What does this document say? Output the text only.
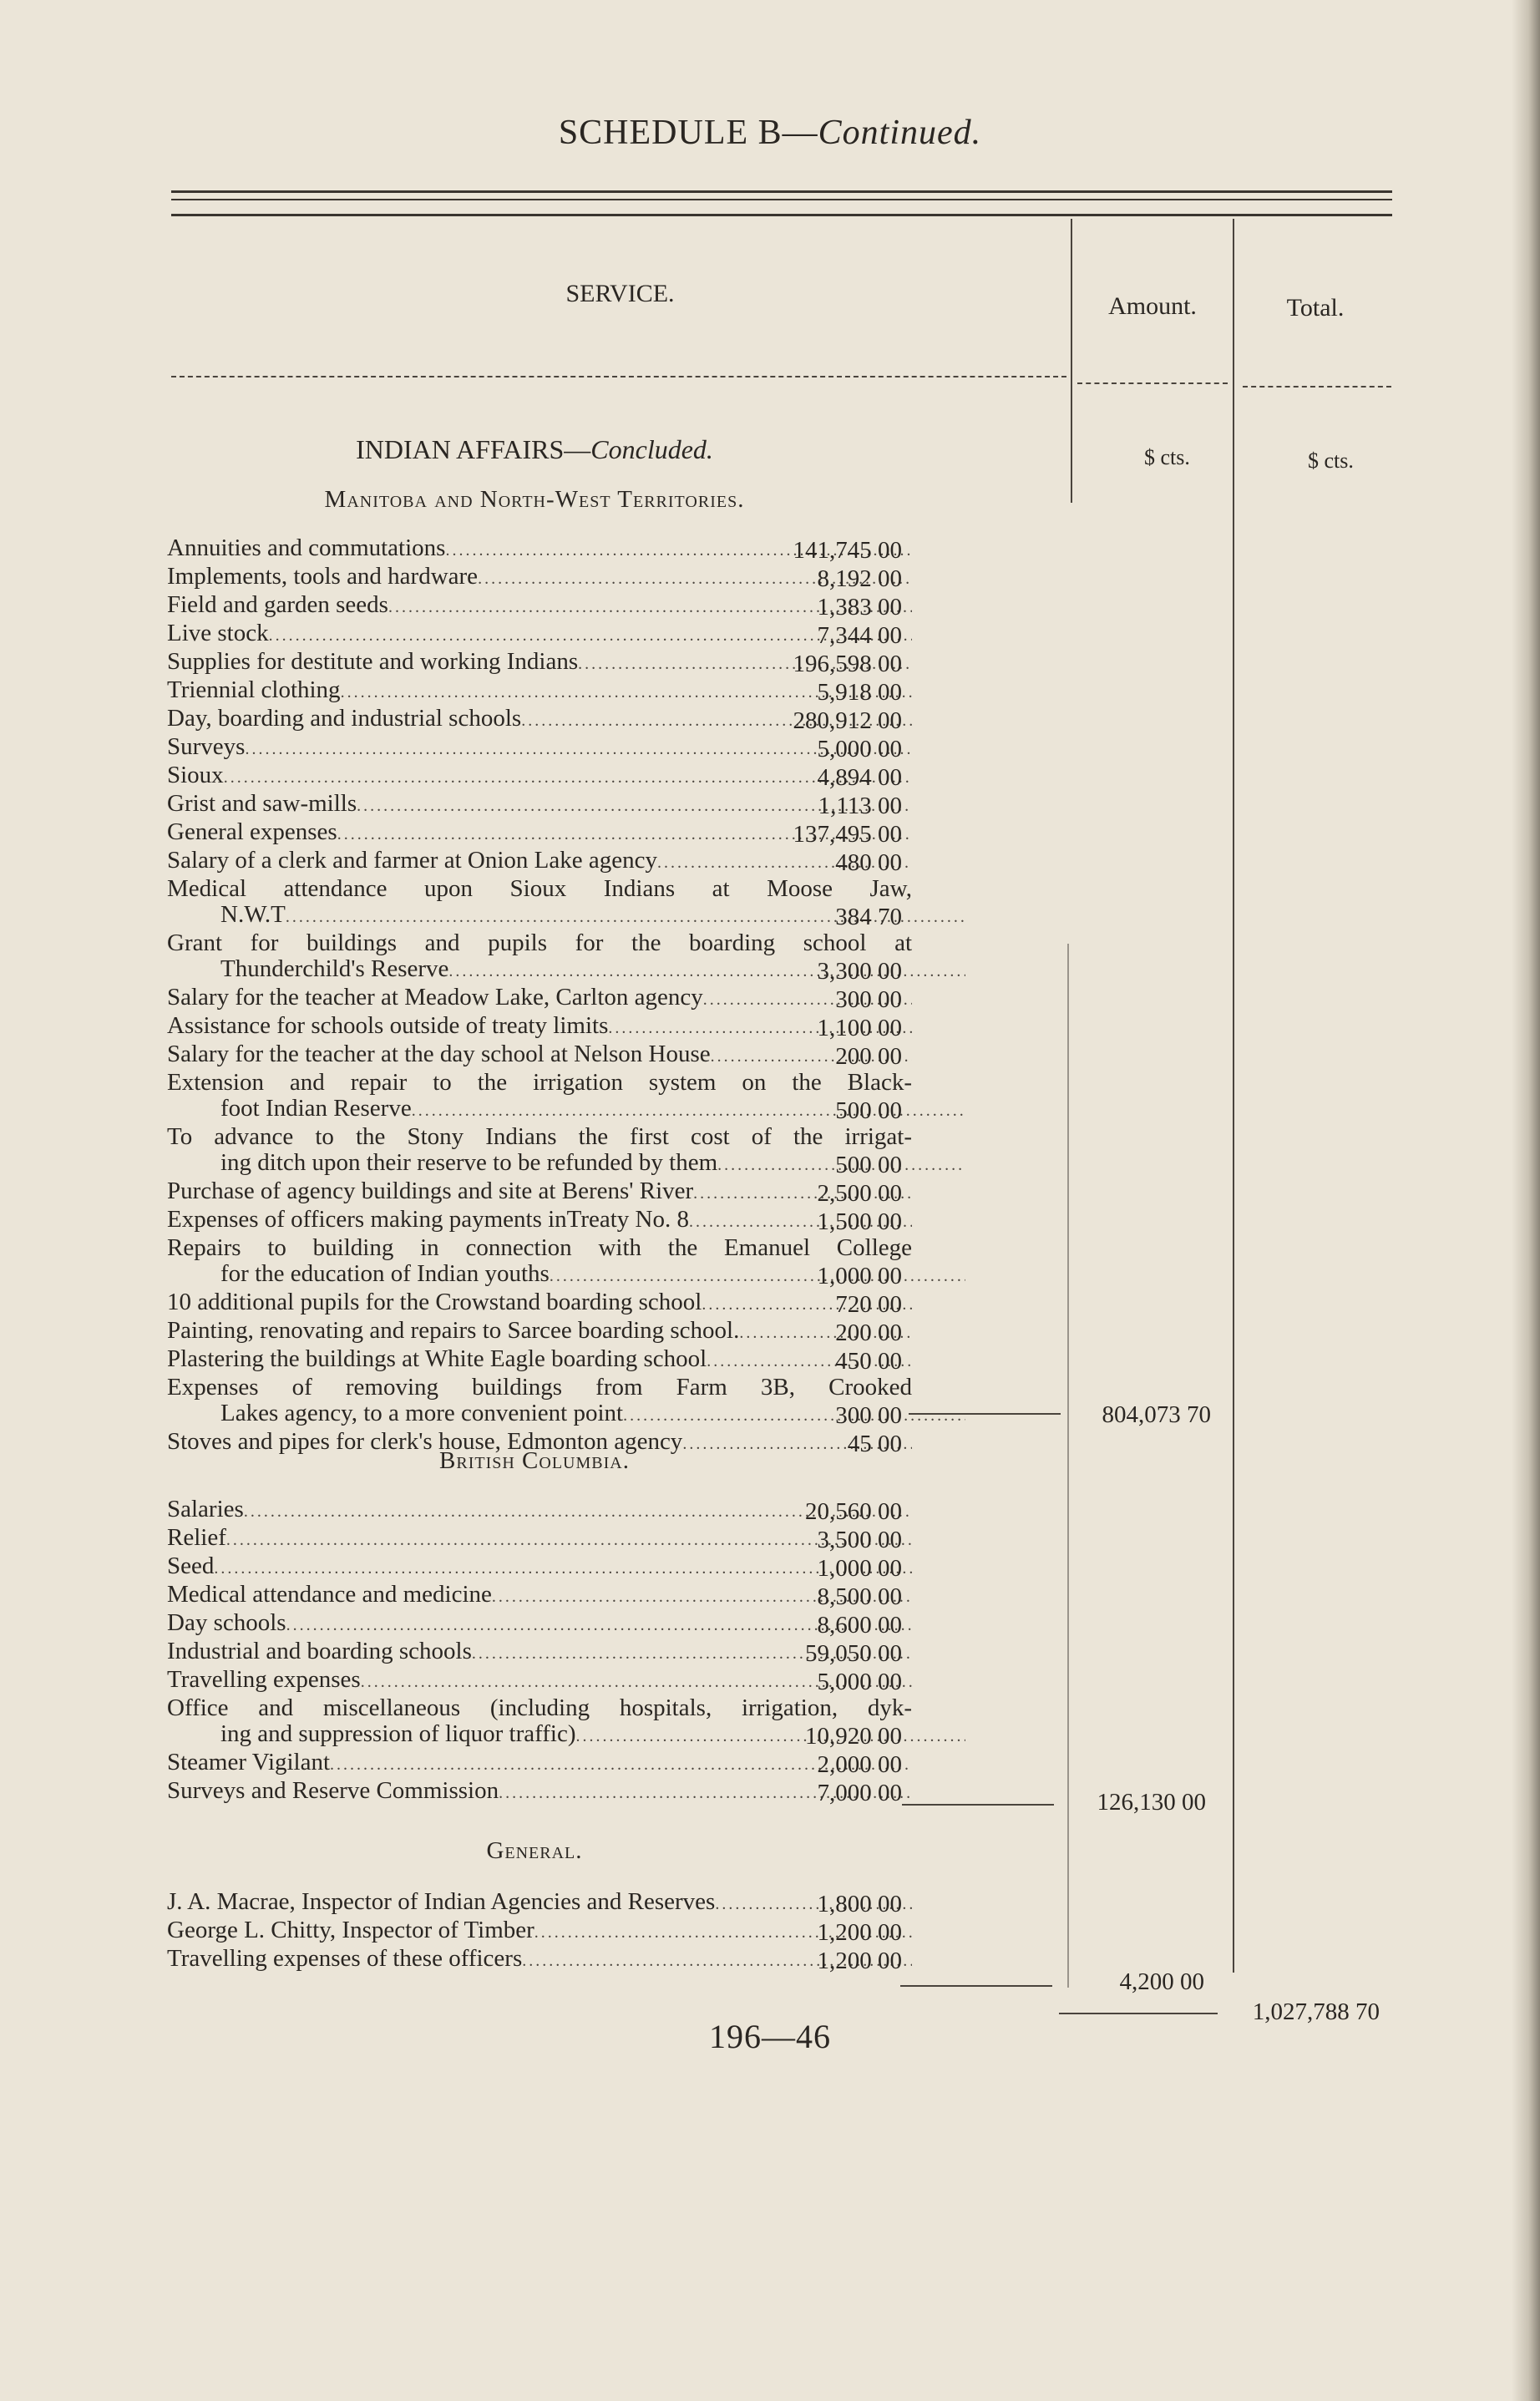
SCHEDULE B—Continued.
SERVICE.	Amount.	Total.
$ cts.	$ cts.
INDIAN AFFAIRS—Concluded.
Manitoba and North-West Territories.
Annuities and commutations . . .	141,745 00
Implements, tools and hardware . . .	8,192 00
Field and garden seeds . . .	1,383 00
Live stock . . .	7,344 00
Supplies for destitute and working Indians . . .	196,598 00
Triennial clothing . . .	5,918 00
Day, boarding and industrial schools . . .	280,912 00
Surveys . . .	5,000 00
Sioux . . .	4,894 00
Grist and saw-mills . . .	1,113 00
General expenses . . .	137,495 00
Salary of a clerk and farmer at Onion Lake agency . . .	480 00
Medical attendance upon Sioux Indians at Moose Jaw,
N.W.T . . .	384 70
Grant for buildings and pupils for the boarding school at
Thunderchild's Reserve . . .	3,300 00
Salary for the teacher at Meadow Lake, Carlton agency . . .	300 00
Assistance for schools outside of treaty limits . . .	1,100 00
Salary for the teacher at the day school at Nelson House . . .	200 00
Extension and repair to the irrigation system on the Black-
foot Indian Reserve . . .	500 00
To advance to the Stony Indians the first cost of the irrigat-
ing ditch upon their reserve to be refunded by them . . .	500 00
Purchase of agency buildings and site at Berens' River . . .	2,500 00
Expenses of officers making payments inTreaty No. 8 . . .	1,500 00
Repairs to building in connection with the Emanuel College
for the education of Indian youths . . .	1,000 00
10 additional pupils for the Crowstand boarding school . . .	720 00
Painting, renovating and repairs to Sarcee boarding school. . . .	200 00
Plastering the buildings at White Eagle boarding school . . .	450 00
Expenses of removing buildings from Farm 3B, Crooked
Lakes agency, to a more convenient point . . .	300 00
Stoves and pipes for clerk's house, Edmonton agency . . .	45 00
804,073 70
British Columbia.
Salaries . . .	20,560 00
Relief . . .	3,500 00
Seed . . .	1,000 00
Medical attendance and medicine . . .	8,500 00
Day schools . . .	8,600 00
Industrial and boarding schools . . .	59,050 00
Travelling expenses . . .	5,000 00
Office and miscellaneous (including hospitals, irrigation, dyk-
ing and suppression of liquor traffic) . . .	10,920 00
Steamer Vigilant . . .	2,000 00
Surveys and Reserve Commission . . .	7,000 00	126,130 00
General.
J. A. Macrae, Inspector of Indian Agencies and Reserves . . .	1,800 00
George L. Chitty, Inspector of Timber . . .	1,200 00
Travelling expenses of these officers . . .	1,200 00
4,200 00
1,027,788 70
196—46
